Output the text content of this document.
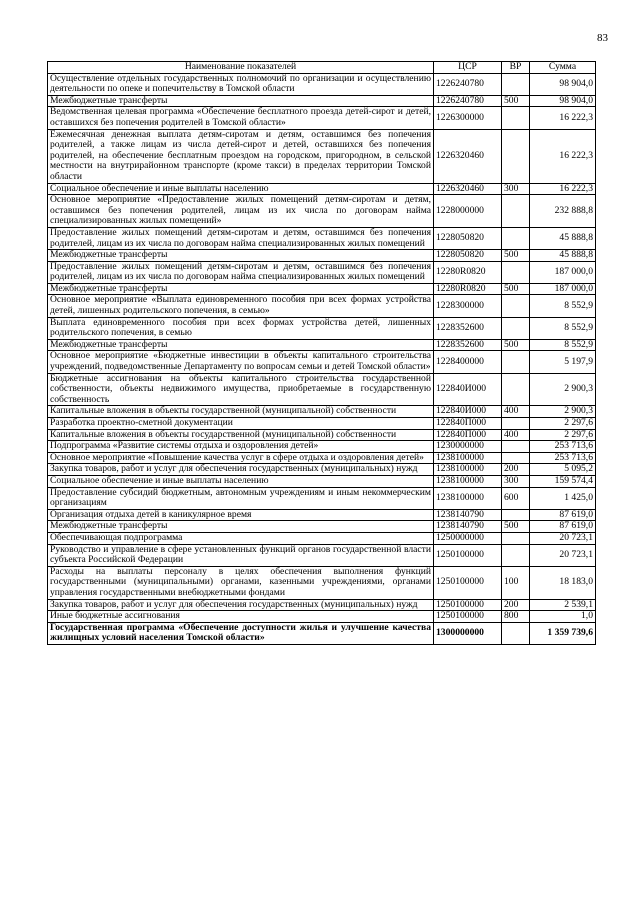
83
Наименование показателей	ЦСР	ВР	Сумма
Осуществление отдельных государственных полномочий по организации и осуществлению деятельности по опеке и попечительству в Томской области	1226240780		98 904,0
Межбюджетные трансферты	1226240780	500	98 904,0
Ведомственная целевая программа «Обеспечение бесплатного проезда детей-сирот и детей, оставшихся без попечения родителей в Томской области»	1226300000		16 222,3
Ежемесячная денежная выплата детям-сиротам и детям, оставшимся без попечения родителей, а также лицам из числа детей-сирот и детей, оставшихся без попечения родителей, на обеспечение бесплатным проездом на городском, пригородном, в сельской местности на внутрирайонном транспорте (кроме такси) в пределах территории Томской области	1226320460		16 222,3
Социальное обеспечение и иные выплаты населению	1226320460	300	16 222,3
Основное мероприятие «Предоставление жилых помещений детям-сиротам и детям, оставшимся без попечения родителей, лицам из их числа по договорам найма специализированных жилых помещений»	1228000000		232 888,8
Предоставление жилых помещений детям-сиротам и детям, оставшимся без попечения родителей, лицам из их числа по договорам найма специализированных жилых помещений	1228050820		45 888,8
Межбюджетные трансферты	1228050820	500	45 888,8
Предоставление жилых помещений детям-сиротам и детям, оставшимся без попечения родителей, лицам из их числа по договорам найма специализированных жилых помещений	12280R0820		187 000,0
Межбюджетные трансферты	12280R0820	500	187 000,0
Основное мероприятие «Выплата единовременного пособия при всех формах устройства детей, лишенных родительского попечения, в семью»	1228300000		8 552,9
Выплата единовременного пособия при всех формах устройства детей, лишенных родительского попечения, в семью	1228352600		8 552,9
Межбюджетные трансферты	1228352600	500	8 552,9
Основное мероприятие «Бюджетные инвестиции в объекты капитального строительства учреждений, подведомственные Департаменту по вопросам семьи и детей Томской области»	1228400000		5 197,9
Бюджетные ассигнования на объекты капитального строительства государственной собственности, объекты недвижимого имущества, приобретаемые в государственную собственность	122840И000		2 900,3
Капитальные вложения в объекты государственной (муниципальной) собственности	122840И000	400	2 900,3
Разработка проектно-сметной документации	122840П000		2 297,6
Капитальные вложения в объекты государственной (муниципальной) собственности	122840П000	400	2 297,6
Подпрограмма «Развитие системы отдыха и оздоровления детей»	1230000000		253 713,6
Основное мероприятие «Повышение качества услуг в сфере отдыха и оздоровления детей»	1238100000		253 713,6
Закупка товаров, работ и услуг для обеспечения государственных (муниципальных) нужд	1238100000	200	5 095,2
Социальное обеспечение и иные выплаты населению	1238100000	300	159 574,4
Предоставление субсидий бюджетным, автономным учреждениям и иным некоммерческим организациям	1238100000	600	1 425,0
Организация отдыха детей в каникулярное время	1238140790		87 619,0
Межбюджетные трансферты	1238140790	500	87 619,0
Обеспечивающая подпрограмма	1250000000		20 723,1
Руководство и управление в сфере установленных функций органов государственной власти субъекта Российской Федерации	1250100000		20 723,1
Расходы на выплаты персоналу в целях обеспечения выполнения функций государственными (муниципальными) органами, казенными учреждениями, органами управления государственными внебюджетными фондами	1250100000	100	18 183,0
Закупка товаров, работ и услуг для обеспечения государственных (муниципальных) нужд	1250100000	200	2 539,1
Иные бюджетные ассигнования	1250100000	800	1,0
Государственная программа «Обеспечение доступности жилья и улучшение качества жилищных условий населения Томской области»	1300000000		1 359 739,6
